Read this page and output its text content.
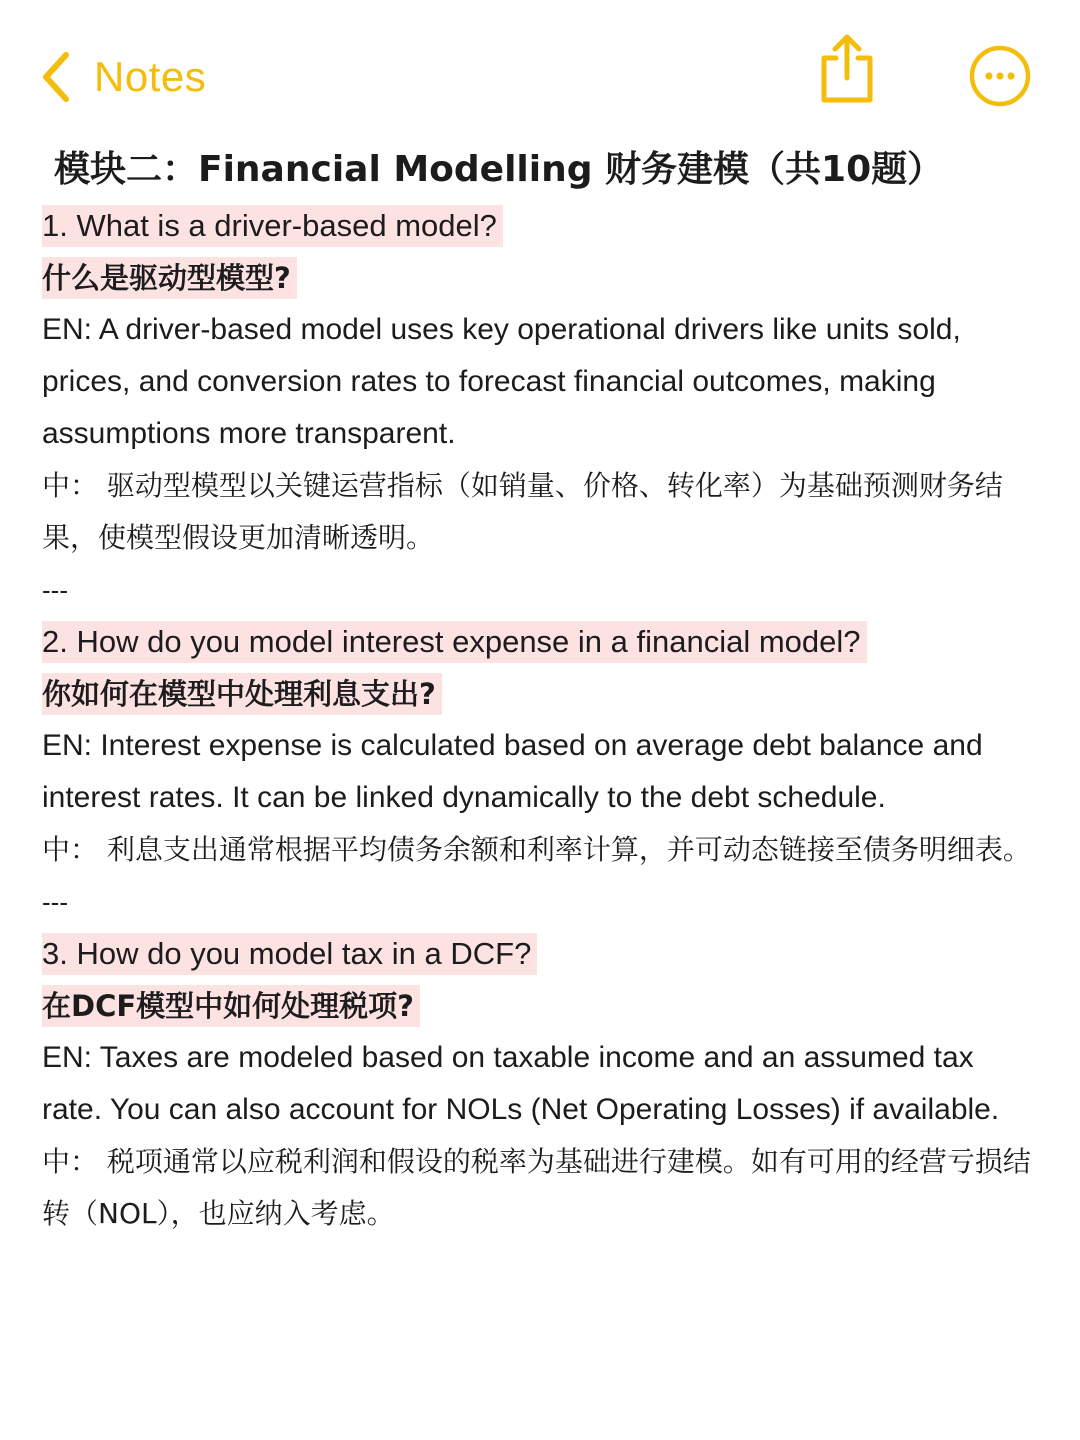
Notes
模块二：Financial Modelling 财务建模（共10题）
1. What is a driver-based model?
什么是驱动型模型?

EN: A driver-based model uses key operational drivers like units sold, prices, and conversion rates to forecast financial outcomes, making assumptions more transparent.

中： 驱动型模型以关键运营指标（如销量、价格、转化率）为基础预测财务结果，使模型假设更加清晰透明。

---

2. How do you model interest expense in a financial model?
你如何在模型中处理利息支出?

EN: Interest expense is calculated based on average debt balance and interest rates. It can be linked dynamically to the debt schedule.

中： 利息支出通常根据平均债务余额和利率计算，并可动态链接至债务明细表。

---

3. How do you model tax in a DCF?
在DCF模型中如何处理税项?

EN: Taxes are modeled based on taxable income and an assumed tax rate. You can also account for NOLs (Net Operating Losses) if available.

中： 税项通常以应税利润和假设的税率为基础进行建模。如有可用的经营亏损结转（NOL），也应纳入考虑。
